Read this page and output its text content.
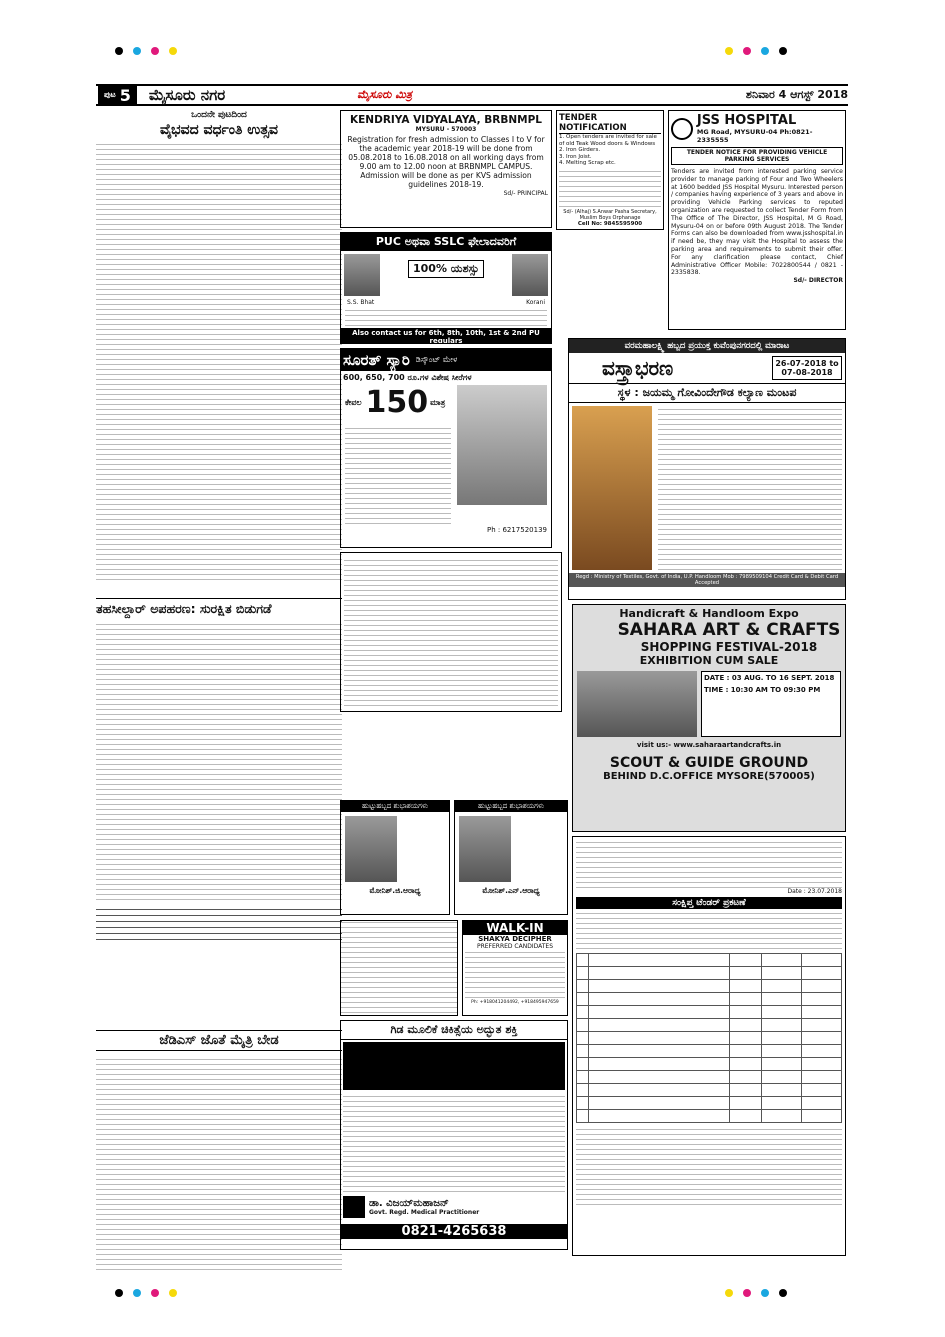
ಪುಟ 5 ಮೈಸೂರು ನಗರ	ಮೈಸೂರು ಮಿತ್ರ	ಶನಿವಾರ 4 ಆಗಸ್ಟ್ 2018
ಒಂದನೇ ಪುಟದಿಂದ
ವೈಭವದ ವರ್ಧಂತಿ ಉತ್ಸವ
ತಹಸೀಲ್ದಾರ್ ಅಪಹರಣ: ಸುರಕ್ಷಿತ ಬಿಡುಗಡೆ
ಜೆಡಿಎಸ್ ಜೊತೆ ಮೈತ್ರಿ ಬೇಡ
KENDRIYA VIDYALAYA, BRBNMPL
MYSURU - 570003
Registration for fresh admission to Classes I to V for the academic year 2018-19 will be done from 05.08.2018 to 16.08.2018 on all working days from 9.00 am to 12.00 noon at BRBNMPL CAMPUS. Admission will be done as per KVS admission guidelines 2018-19.
Sd/- PRINCIPAL
TENDER NOTIFICATION
1. Open tenders are invited for sale of old Teak Wood doors & Windows
2. Iron Girders.
3. Iron Joist.
4. Melting Scrap etc.
Sd/- (Alhaj) S.Anwar Pasha Secretary, Muslim Boys Orphanage
Cell No: 9845595900
JSS HOSPITAL
MG Road, MYSURU-04 Ph:0821-2335555
TENDER NOTICE FOR PROVIDING VEHICLE PARKING SERVICES
Tenders are invited from interested parking service provider to manage parking of Four and Two Wheelers at 1600 bedded JSS Hospital Mysuru. Interested person / companies having experience of 3 years and above in providing Vehicle Parking services to reputed organization are requested to collect Tender Form from The Office of The Director, JSS Hospital, M G Road, Mysuru-04 on or before 09th August 2018. The Tender Forms can also be downloaded from www.jsshospital.in if need be, they may visit the Hospital to assess the parking area and requirements to submit their offer. For any clarification please contact, Chief Administrative Officer Mobile: 7022800544 / 0821 - 2335838.
Sd/- DIRECTOR
PUC ಅಥವಾ SSLC ಫೇಲಾದವರಿಗೆ
100% ಯಶಸ್ಸು
S.S. Bhat	Korani
Also contact us for 6th, 8th, 10th, 1st & 2nd PU regulars
ಸೂರತ್ ಸ್ಯಾರಿ ಡಿಸ್ಕೌಂಟ್ ಮೇಳ
600, 650, 700 ರೂ.ಗಳ ವಿಶೇಷ ಸೀರೆಗಳ
ಕೇವಲ 150 ಮಾತ್ರ
Ph : 6217520139
ವರಮಹಾಲಕ್ಷ್ಮಿ ಹಬ್ಬದ ಪ್ರಯುಕ್ತ ಕುವೆಂಪುನಗರದಲ್ಲಿ ಮಾರಾಟ
ವಸ್ತ್ರಾಭರಣ	26-07-2018 to 07-08-2018
ಸ್ಥಳ : ಜಯಮ್ಮ ಗೋವಿಂದೇಗೌಡ ಕಲ್ಯಾಣ ಮಂಟಪ
Regd : Ministry of Textiles, Govt. of India, U.P. Handloom Mob : 7989509104 Credit Card & Debit Card Accepted
Handicraft & Handloom Expo
SAHARA ART & CRAFTS
SHOPPING FESTIVAL-2018
EXHIBITION CUM SALE
DATE : 03 AUG. TO 16 SEPT. 2018
TIME : 10:30 AM TO 09:30 PM
visit us:- www.saharaartandcrafts.in
SCOUT & GUIDE GROUND
BEHIND D.C.OFFICE MYSORE(570005)
ಹುಟ್ಟುಹಬ್ಬದ ಶುಭಾಶಯಗಳು
ಮೋನಿಶ್.ಜಿ.ಆರಾಧ್ಯ
ಹುಟ್ಟುಹಬ್ಬದ ಶುಭಾಶಯಗಳು
ಮೋನಿಶ್.ಎನ್.ಆರಾಧ್ಯ
WALK-IN
SHAKYA DECIPHER
PREFERRED CANDIDATES
Ph: +918041204492, +918495947659
ಗಿಡ ಮೂಲಿಕೆ ಚಿಕಿತ್ಸೆಯ ಅದ್ಭುತ ಶಕ್ತಿ
ಡಾ. ವಿಜಯ್‌ಮಹಾಜನ್
Govt. Regd. Medical Practitioner
0821-4265638
Date : 23.07.2018
ಸಂಕ್ಷಿಪ್ತ ಟೆಂಡರ್ ಪ್ರಕಟಣೆ
